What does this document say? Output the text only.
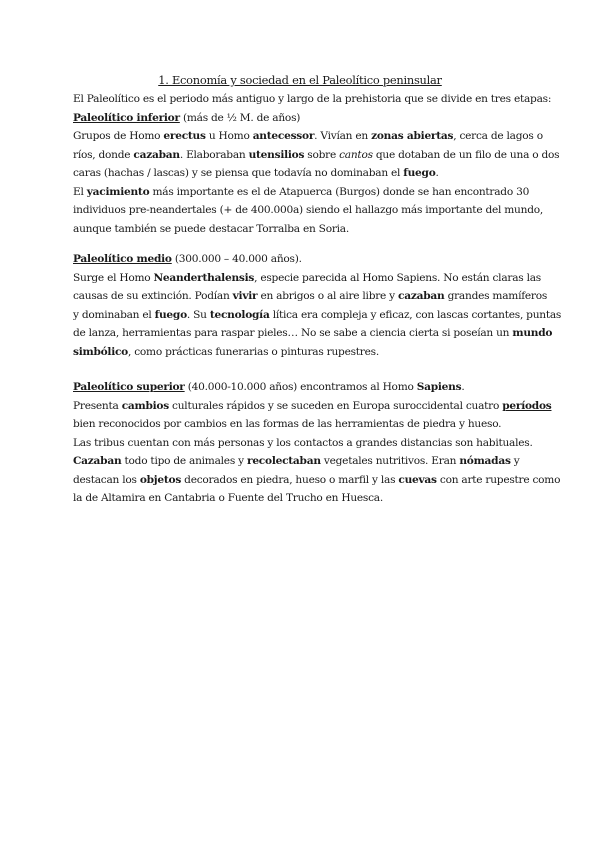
1. Economía y sociedad en el Paleolítico peninsular
El Paleolítico es el periodo más antiguo y largo de la prehistoria que se divide en tres etapas:
Paleolítico inferior (más de ½ M. de años)
Grupos de Homo erectus u Homo antecessor. Vivían en zonas abiertas, cerca de lagos o
ríos, donde cazaban. Elaboraban utensilios sobre cantos que dotaban de un filo de una o dos
caras (hachas / lascas) y se piensa que todavía no dominaban el fuego.
El yacimiento más importante es el de Atapuerca (Burgos) donde se han encontrado 30
individuos pre-neandertales (+ de 400.000a) siendo el hallazgo más importante del mundo,
aunque también se puede destacar Torralba en Soria.
Paleolítico medio (300.000 – 40.000 años).
Surge el Homo Neanderthalensis, especie parecida al Homo Sapiens. No están claras las
causas de su extinción. Podían vivir en abrigos o al aire libre y cazaban grandes mamíferos
y dominaban el fuego. Su tecnología lítica era compleja y eficaz, con lascas cortantes, puntas
de lanza, herramientas para raspar pieles… No se sabe a ciencia cierta si poseían un mundo
simbólico, como prácticas funerarias o pinturas rupestres.
Paleolítico superior (40.000-10.000 años) encontramos al Homo Sapiens.
Presenta cambios culturales rápidos y se suceden en Europa suroccidental cuatro períodos
bien reconocidos por cambios en las formas de las herramientas de piedra y hueso.
Las tribus cuentan con más personas y los contactos a grandes distancias son habituales.
Cazaban todo tipo de animales y recolectaban vegetales nutritivos. Eran nómadas y
destacan los objetos decorados en piedra, hueso o marfil y las cuevas con arte rupestre como
la de Altamira en Cantabria o Fuente del Trucho en Huesca.
